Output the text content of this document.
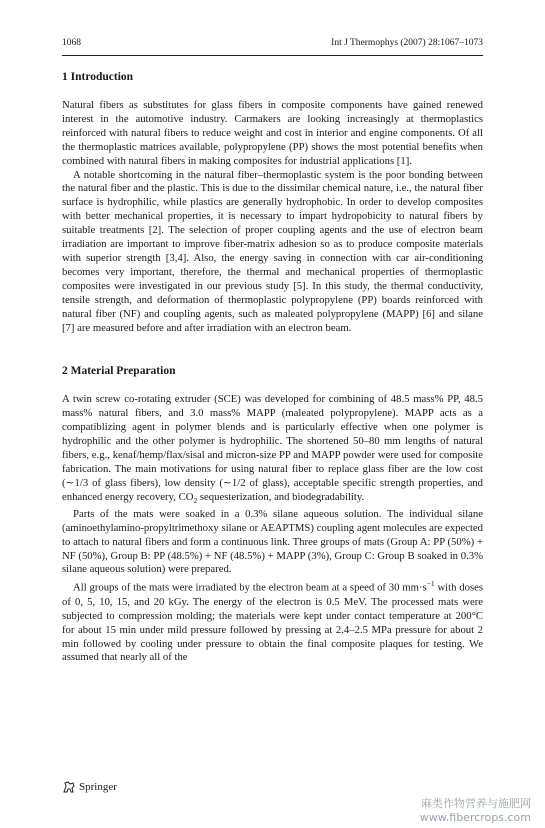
1068	Int J Thermophys (2007) 28:1067–1073
1 Introduction

Natural fibers as substitutes for glass fibers in composite components have gained renewed interest in the automotive industry. Carmakers are looking increasingly at thermoplastics reinforced with natural fibers to reduce weight and cost in interior and engine components. Of all the thermoplastic matrices available, polypropylene (PP) shows the most potential benefits when combined with natural fibers in making composites for industrial applications [1].

A notable shortcoming in the natural fiber–thermoplastic system is the poor bonding between the natural fiber and the plastic. This is due to the dissimilar chemical nature, i.e., the natural fiber surface is hydrophilic, while plastics are generally hydrophobic. In order to develop composites with better mechanical properties, it is necessary to impart hydropobicity to natural fibers by suitable treatments [2]. The selection of proper coupling agents and the use of electron beam irradiation are important to improve fiber-matrix adhesion so as to produce composite materials with superior strength [3,4]. Also, the energy saving in connection with car air-conditioning becomes very important, therefore, the thermal and mechanical properties of thermoplastic composites were investigated in our previous study [5]. In this study, the thermal conductivity, tensile strength, and deformation of thermoplastic polypropylene (PP) boards reinforced with natural fiber (NF) and coupling agents, such as maleated polypropylene (MAPP) [6] and silane [7] are measured before and after irradiation with an electron beam.

2 Material Preparation

A twin screw co-rotating extruder (SCE) was developed for combining of 48.5 mass% PP, 48.5 mass% natural fibers, and 3.0 mass% MAPP (maleated polypropylene). MAPP acts as a compatiblizing agent in polymer blends and is particularly effective when one polymer is hydrophilic and the other polymer is hydrophilic. The shortened 50–80 mm lengths of natural fibers, e.g., kenaf/hemp/flax/sisal and micron-size PP and MAPP powder were used for composite fabrication. The main motivations for using natural fiber to replace glass fiber are the low cost (∼1/3 of glass fibers), low density (∼1/2 of glass), acceptable specific strength properties, and enhanced energy recovery, $CO_2$ sequesterization, and biodegradability.

Parts of the mats were soaked in a 0.3% silane aqueous solution. The individual silane (aminoethylamino-propyltrimethoxy silane or AEAPTMS) coupling agent molecules are expected to attach to natural fibers and form a continuous link. Three groups of mats (Group A: PP (50%) + NF (50%), Group B: PP (48.5%) + NF (48.5%) + MAPP (3%), Group C: Group B soaked in 0.3% silane aqueous solution) were prepared.

All groups of the mats were irradiated by the electron beam at a speed of 30 $mm\cdot s^{-1}$ with doses of 0, 5, 10, 15, and 20 kGy. The energy of the electron is 0.5 MeV. The processed mats were subjected to compression molding; the materials were kept under contact temperature at 200°C for about 15 min under mild pressure followed by pressing at 2.4–2.5 MPa pressure for about 2 min followed by cooling under pressure to obtain the final composite plaques for testing. We assumed that nearly all of the

Springer
麻类作物营养与施肥网
www.fibercrops.com
